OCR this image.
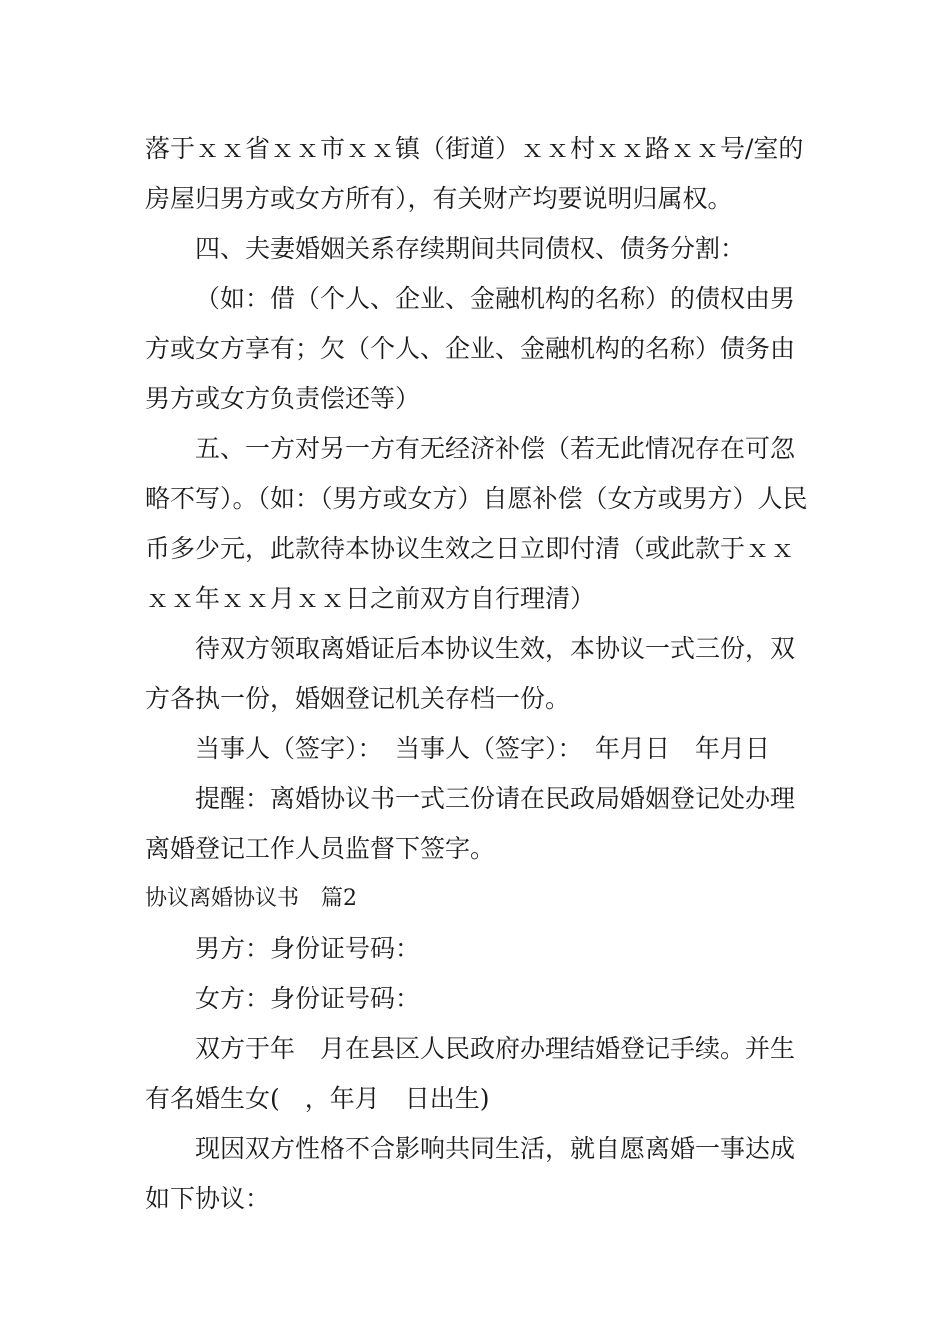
落于ｘｘ省ｘｘ市ｘｘ镇（街道）ｘｘ村ｘｘ路ｘｘ号/室的房屋归男方或女方所有），有关财产均要说明归属权。

四、夫妻婚姻关系存续期间共同债权、债务分割：

（如：借（个人、企业、金融机构的名称）的债权由男方或女方享有；欠（个人、企业、金融机构的名称）债务由男方或女方负责偿还等）

五、一方对另一方有无经济补偿（若无此情况存在可忽略不写）。（如：（男方或女方）自愿补偿（女方或男方）人民币多少元，此款待本协议生效之日立即付清（或此款于ｘｘｘｘ年ｘｘ月ｘｘ日之前双方自行理清）

待双方领取离婚证后本协议生效，本协议一式三份，双方各执一份，婚姻登记机关存档一份。

当事人（签字）：　当事人（签字）：　年月日　年月日

提醒：离婚协议书一式三份请在民政局婚姻登记处办理离婚登记工作人员监督下签字。

协议离婚协议书　篇2

男方：身份证号码：

女方：身份证号码：

双方于年　月在县区人民政府办理结婚登记手续。并生有名婚生女(　，年月　日出生)

现因双方性格不合影响共同生活，就自愿离婚一事达成如下协议：
